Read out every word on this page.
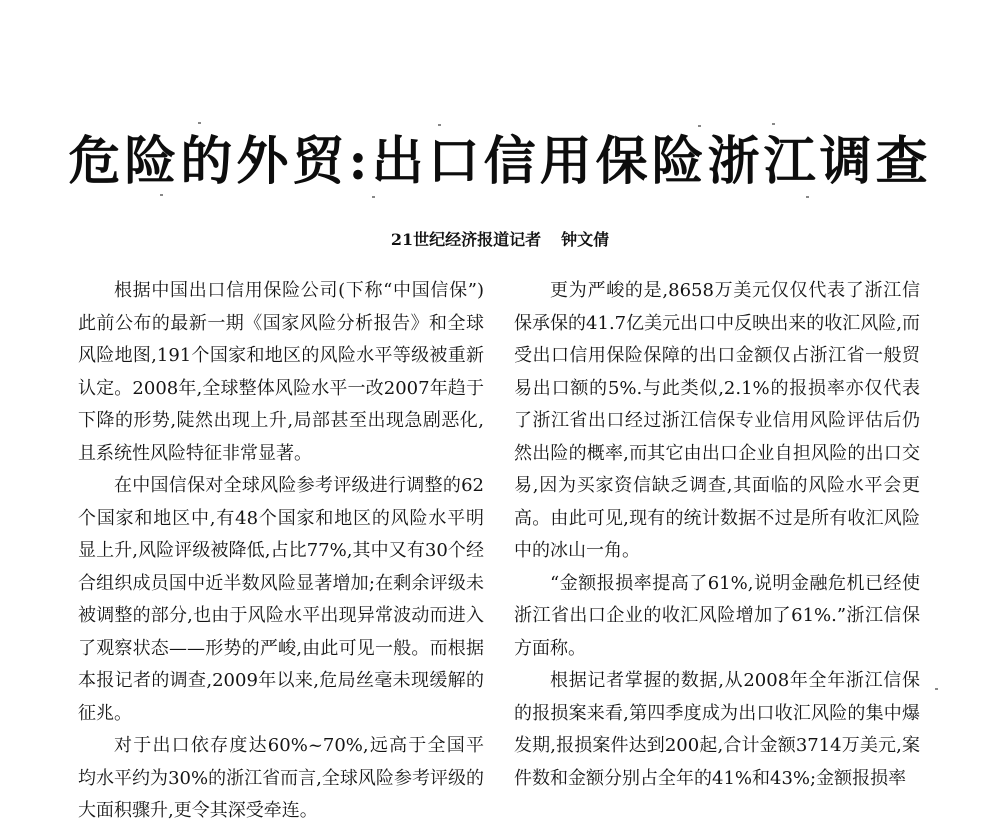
危险的外贸:出口信用保险浙江调查
21世纪经济报道记者 钟文倩

根据中国出口信用保险公司(下称“中国信保”)此前公布的最新一期《国家风险分析报告》和全球风险地图,191个国家和地区的风险水平等级被重新认定。2008年,全球整体风险水平一改2007年趋于下降的形势,陡然出现上升,局部甚至出现急剧恶化,且系统性风险特征非常显著。

在中国信保对全球风险参考评级进行调整的62个国家和地区中,有48个国家和地区的风险水平明显上升,风险评级被降低,占比77%,其中又有30个经合组织成员国中近半数风险显著增加;在剩余评级未被调整的部分,也由于风险水平出现异常波动而进入了观察状态——形势的严峻,由此可见一般。而根据本报记者的调查,2009年以来,危局丝毫未现缓解的征兆。

对于出口依存度达60%~70%,远高于全国平均水平约为30%的浙江省而言,全球风险参考评级的大面积骤升,更令其深受牵连。

更为严峻的是,8658万美元仅仅代表了浙江信保承保的41.7亿美元出口中反映出来的收汇风险,而受出口信用保险保障的出口金额仅占浙江省一般贸易出口额的5%.与此类似,2.1%的报损率亦仅代表了浙江省出口经过浙江信保专业信用风险评估后仍然出险的概率,而其它由出口企业自担风险的出口交易,因为买家资信缺乏调查,其面临的风险水平会更高。由此可见,现有的统计数据不过是所有收汇风险中的冰山一角。

“金额报损率提高了61%,说明金融危机已经使浙江省出口企业的收汇风险增加了61%.”浙江信保方面称。

根据记者掌握的数据,从2008年全年浙江信保的报损案来看,第四季度成为出口收汇风险的集中爆发期,报损案件达到200起,合计金额3714万美元,案件数和金额分别占全年的41%和43%;金额报损率
